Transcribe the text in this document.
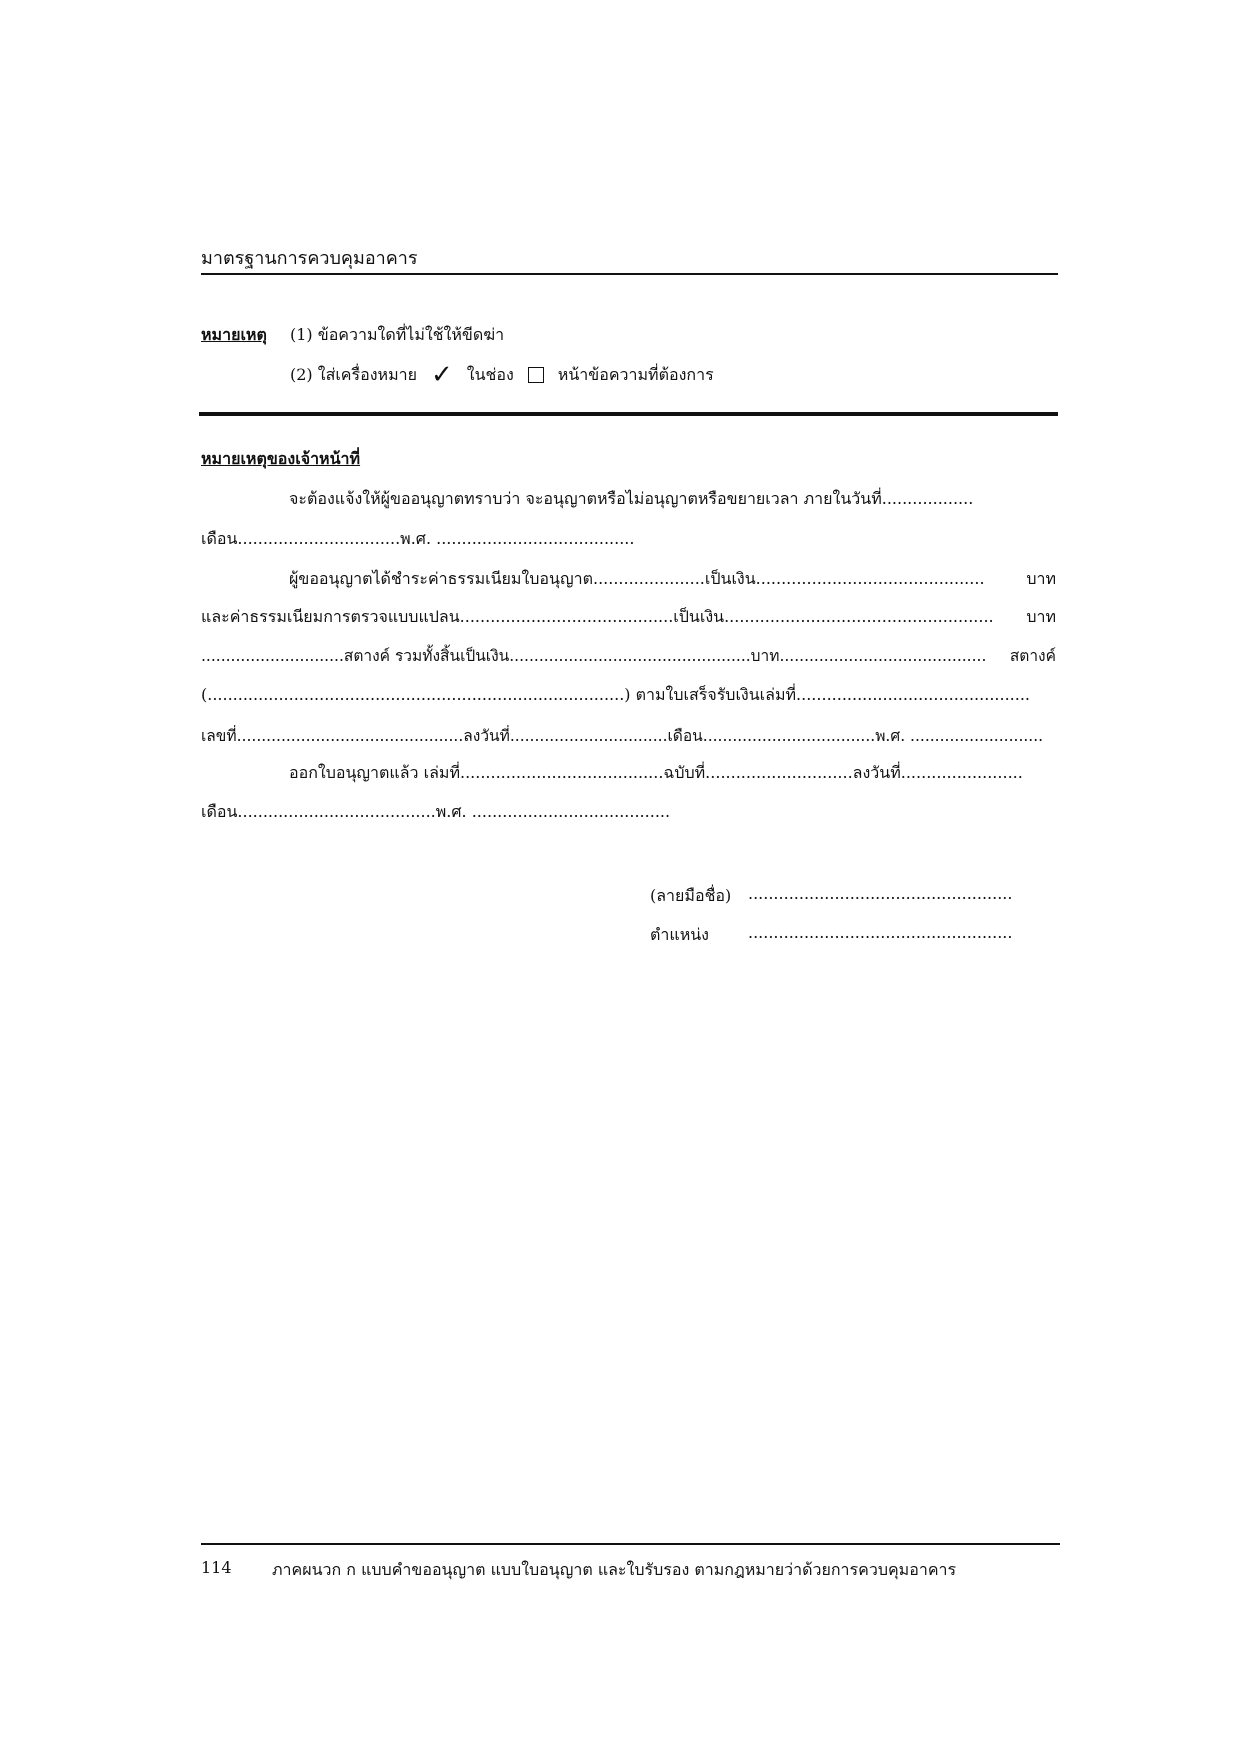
มาตรฐานการควบคุมอาคาร
หมายเหตุ (1) ข้อความใดที่ไม่ใช้ให้ขีดฆ่า
(2) ใส่เครื่องหมาย ✓ ในช่อง	หน้าข้อความที่ต้องการ
หมายเหตุของเจ้าหน้าที่
จะต้องแจ้งให้ผู้ขออนุญาตทราบว่า จะอนุญาตหรือไม่อนุญาตหรือขยายเวลา ภายในวันที่..................
เดือน................................พ.ศ. .......................................
ผู้ขออนุญาตได้ชำระค่าธรรมเนียมใบอนุญาต......................เป็นเงิน.............................................	บาท
และค่าธรรมเนียมการตรวจแบบแปลน..........................................เป็นเงิน..................................................... บาท
.............................สตางค์ รวมทั้งสิ้นเป็นเงิน.................................................บาท.......................................... สตางค์
(..................................................................................) ตามใบเสร็จรับเงินเล่มที่..............................................
เลขที่..............................................ลงวันที่................................เดือน...................................พ.ศ. ...........................
ออกใบอนุญาตแล้ว เล่มที่........................................ฉบับที่.............................ลงวันที่........................
เดือน.......................................พ.ศ. .......................................
(ลายมือชื่อ) ....................................................
ตำแหน่ง ....................................................
114	ภาคผนวก ก แบบคำขออนุญาต แบบใบอนุญาต และใบรับรอง ตามกฎหมายว่าด้วยการควบคุมอาคาร
